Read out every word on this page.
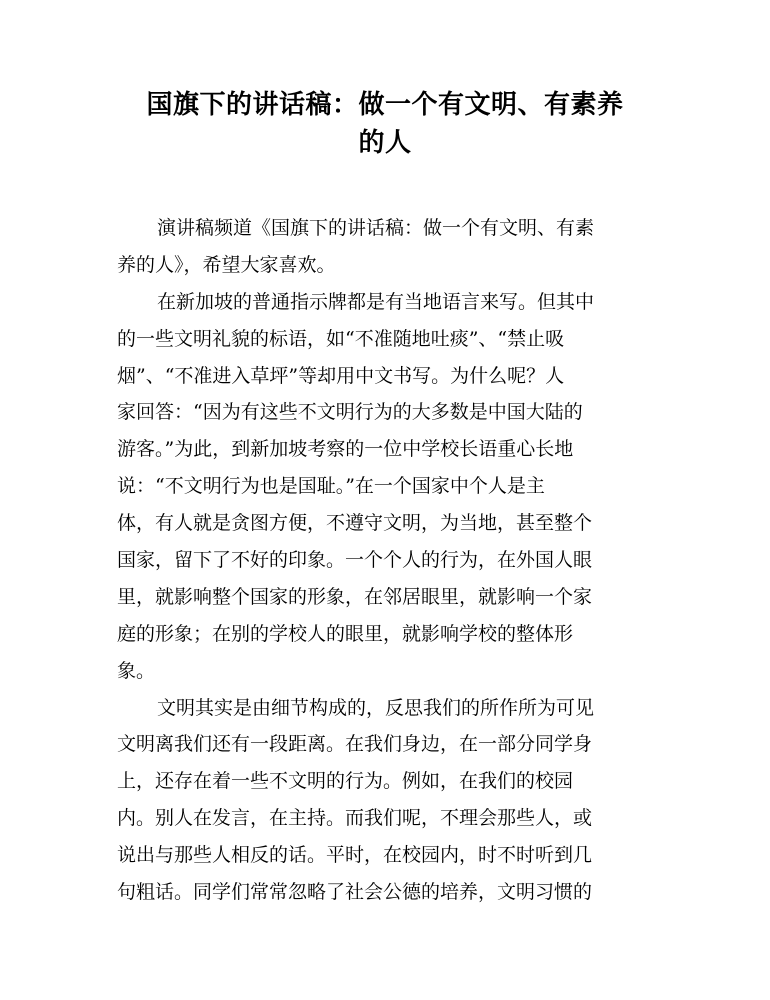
国旗下的讲话稿：做一个有文明、有素养
的人
演讲稿频道《国旗下的讲话稿：做一个有文明、有素
养的人》，希望大家喜欢。
在新加坡的普通指示牌都是有当地语言来写。但其中
的一些文明礼貌的标语，如“不准随地吐痰”、“禁止吸
烟”、“不准进入草坪”等却用中文书写。为什么呢？人
家回答：“因为有这些不文明行为的大多数是中国大陆的
游客。”为此，到新加坡考察的一位中学校长语重心长地
说：“不文明行为也是国耻。”在一个国家中个人是主
体，有人就是贪图方便，不遵守文明，为当地，甚至整个
国家，留下了不好的印象。一个个人的行为，在外国人眼
里，就影响整个国家的形象，在邻居眼里，就影响一个家
庭的形象；在别的学校人的眼里，就影响学校的整体形
象。
文明其实是由细节构成的，反思我们的所作所为可见
文明离我们还有一段距离。在我们身边，在一部分同学身
上，还存在着一些不文明的行为。例如，在我们的校园
内。别人在发言，在主持。而我们呢，不理会那些人，或
说出与那些人相反的话。平时，在校园内，时不时听到几
句粗话。同学们常常忽略了社会公德的培养，文明习惯的
